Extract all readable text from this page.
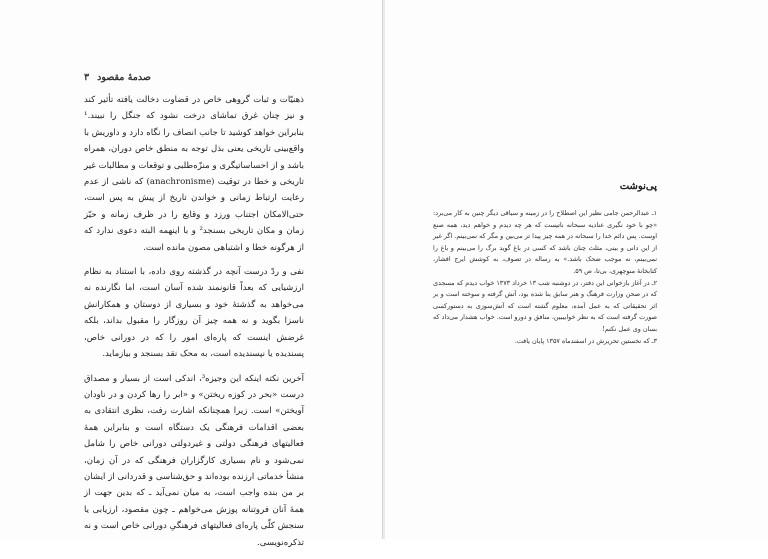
صدمهٔ مقصود
۳

ذهنیّات و ثبات گروهی خاص در قضاوت دخالت یافته تأثیر کند و نیز چنان غرق تماشای درخت نشود که جنگل را نبیند.¹ بنابراین خواهد کوشید تا جانب انصاف را نگاه دارد و داوریش با واقع‌بینی تاریخی یعنی بذل توجه به منطق خاص دوران، همراه باشد و از احساساتیگری و منزّه‌طلبی و توقعات و مطالبات غیر تاریخی و خطا در توقیت (anachronisme) که ناشی از عدم رعایت ارتباط زمانی و خواندن تاریخ از پیش به پس است، حتی‌الامکان اجتناب ورزد و وقایع را در ظرف زمانه و حیّز زمان و مکان تاریخی بسنجد² و با اینهمه البته دعوی ندارد که از هرگونه خطا و اشتباهی مصون مانده است.

نفی و ردّ درست آنچه در گذشته روی داده، با استناد به نظام ارزشیایی که بعداً قانونمند شده آسان است، اما نگارنده نه می‌خواهد به گذشتهٔ خود و بسیاری از دوستان و همکارانش ناسزا بگوید و نه همه چیز آن روزگار را مقبول بداند، بلکه غرضش اینست که پاره‌ای امور را که در دورانی خاص، پسندیده یا نپسندیده است، به محک نقد بسنجد و بیازماید.

آخرین نکته اینکه این وجیزه³، اندکی است از بسیار و مصداق درست «بحر در کوزه ریختن» و «ابر را رها کردن و در ناودان آویختن» است. زیرا همچنانکه اشارت رفت، نظری انتقادی به بعضی اقدامات فرهنگی یک دستگاه است و بنابراین همهٔ فعالیتهای فرهنگی دولتی و غیردولتی دورانی خاص را شامل نمی‌شود و نام بسیاری کارگزاران فرهنگی که در آن زمان، منشأ خدماتی ارزنده بوده‌اند و حق‌شناسی و قدردانی از ایشان بر من بنده واجب است، به میان نمی‌آید ـ که بدین جهت از همهٔ آنان فروتنانه پوزش می‌خواهم ـ چون مقصود، ارزیابی یا سنجش کلّی پاره‌ای فعالیتهای فرهنگیِ دورانی خاص است و نه تذکره‌نویسی.

پی‌نوشت

۱ـ عبدالرحمن جامی نظیر این اصطلاح را در زمینه و سیاقی دیگر چنین به کار می‌برد: «چو با خود نگیری عنادیه سبحانه ناتیست که هر چه دیدم و خواهم دید، همه صنع اوست. پس دائم خدا را سبحانه در همه چیز پیدا تر می‌بین و مگر که نمی‌بینم. اگر غیر از این دانی و بینی، مثلث چنان باشد که کسی در باغ گوید برگ را می‌بینم و باغ را نمی‌بینم، نه موجب ضحک باشد.» به رساله در تصوف، به کوشش ایرج افشار، کتابخانهٔ منوچهری، بی‌تا، ص ۵۹.

۲ـ در آغاز بازخوانی این دفتر، در دوشنبه شب ۱۳ خرداد ۱۳۷۳ خواب دیدم که مسجدی که در صحن وزارت فرهنگ و هنر سابق بنا شده بود، آتش گرفته و سوخته است و بر اثر تحقیقاتی که به عمل آمده، معلوم گشته است که آتش‌سوزی به دستورکسی صورت گرفته است که به نظر خوابیبین، منافق و دورو است. خواب هشدار می‌داد که بسان وی عمل نکنم!

۳ـ که نخستین تحریرش در اسفندماه ۱۳۵۷ پایان یافت.
